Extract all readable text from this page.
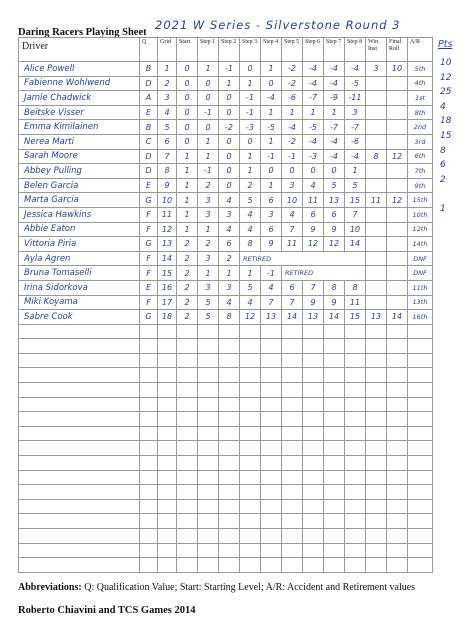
Daring Racers Playing Sheet
2021 W Series - Silverstone Round 3
Driver	Q	Grid	Start	Step 1	Step 2	Step 3	Step 4	Step 5	Step 6	Step 7	Step 8	Win Inst	Final Roll	A/R
Alice Powell	B	1	0	1	-1	0	1	-2	-4	-4	-4	3	10	5th
Fabienne Wohlwend	D	2	0	0	1	1	0	-2	-4	-4	-5			4th
Jamie Chadwick	A	3	0	0	0	-1	-4	-6	-7	-9	-11			1st
Beitske Visser	E	4	0	-1	0	-1	1	1	1	1	3			8th
Emma Kimilainen	B	5	0	0	-2	-3	-5	-4	-5	-7	-7			2nd
Nerea Marti	C	6	0	1	0	0	1	-2	-4	-4	-6			3rd
Sarah Moore	D	7	1	1	0	1	-1	-1	-3	-4	-4	8	12	6th
Abbey Pulling	D	8	1	-1	0	1	0	0	0	0	1			7th
Belen Garcia	E	9	1	2	0	2	1	3	4	5	5			9th
Marta Garcia	G	10	1	3	4	5	6	10	11	13	15	11	12	15th
Jessica Hawkins	F	11	1	3	3	4	3	4	6	6	7			10th
Abbie Eaton	F	12	1	1	4	4	6	7	9	9	10			12th
Vittoria Piria	G	13	2	2	6	8	9	11	12	12	14			14th
Ayla Agren	F	14	2	3	2	RETIRED								DNF
Bruna Tomaselli	F	15	2	1	1	1	-1	RETIRED						DNF
Irina Sidorkova	E	16	2	3	3	5	4	6	7	8	8			11th
Miki Koyama	F	17	2	5	4	4	7	7	9	9	11			13th
Sabre Cook	G	18	2	5	8	12	13	14	13	14	15	13	14	16th

Pts
10
12
25
4
18
15
8
6
2
1
Abbreviations: Q: Qualification Value; Start: Starting Level; A/R: Accident and Retirement values
Roberto Chiavini and TCS Games 2014
